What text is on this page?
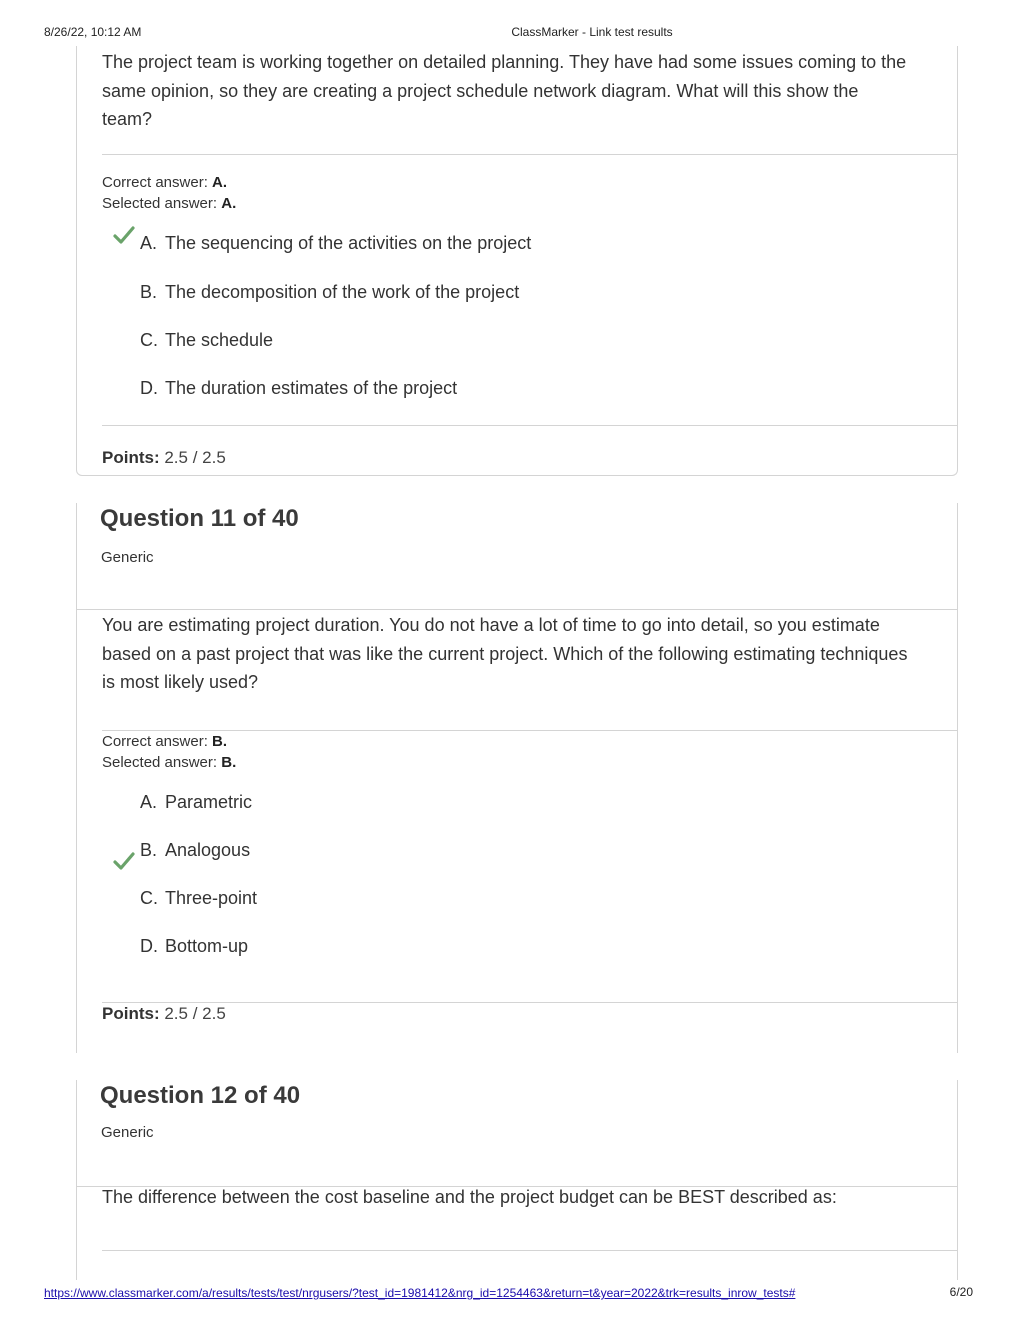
8/26/22, 10:12 AM	ClassMarker - Link test results
The project team is working together on detailed planning. They have had some issues coming to the same opinion, so they are creating a project schedule network diagram. What will this show the team?
Correct answer: A.
Selected answer: A.
A. The sequencing of the activities on the project
B. The decomposition of the work of the project
C. The schedule
D. The duration estimates of the project
Points: 2.5 / 2.5
Question 11 of 40
Generic
You are estimating project duration. You do not have a lot of time to go into detail, so you estimate based on a past project that was like the current project. Which of the following estimating techniques is most likely used?
Correct answer: B.
Selected answer: B.
A. Parametric
B. Analogous
C. Three-point
D. Bottom-up
Points: 2.5 / 2.5
Question 12 of 40
Generic
The difference between the cost baseline and the project budget can be BEST described as:
https://www.classmarker.com/a/results/tests/test/nrgusers/?test_id=1981412&nrg_id=1254463&return=t&year=2022&trk=results_inrow_tests#	6/20
